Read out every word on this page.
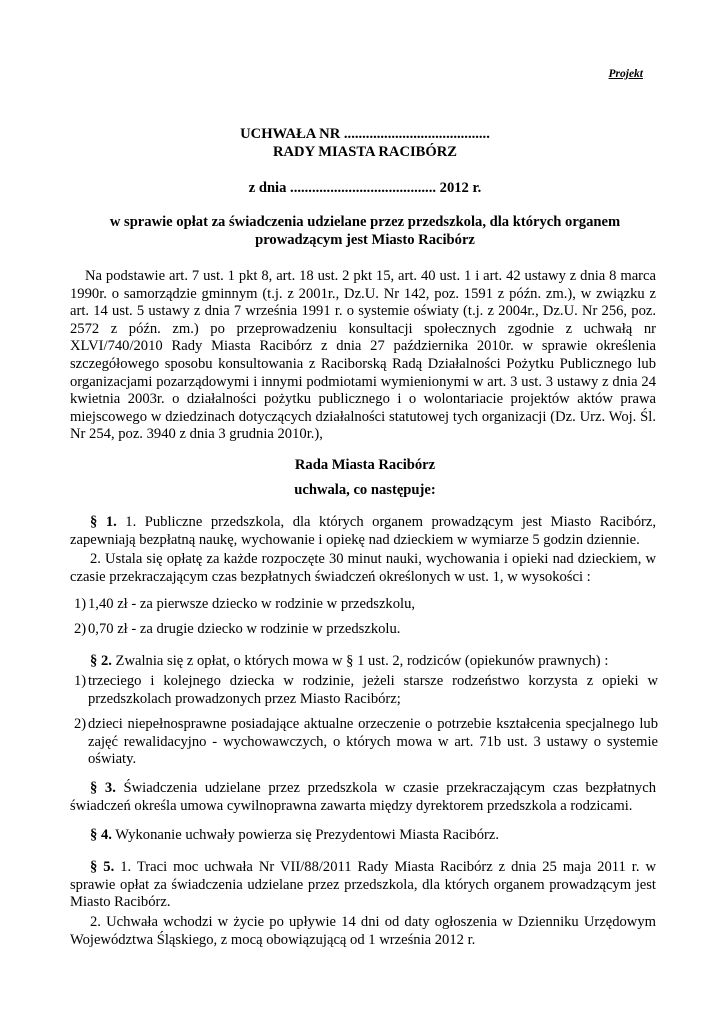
Projekt
UCHWAŁA NR ........................................
RADY MIASTA RACIBÓRZ
z dnia ........................................ 2012 r.
w sprawie opłat za świadczenia udzielane przez przedszkola, dla których organem prowadzącym jest Miasto Racibórz
Na podstawie art. 7 ust. 1 pkt 8, art. 18 ust. 2 pkt 15, art. 40 ust. 1 i art. 42 ustawy z dnia 8 marca 1990r. o samorządzie gminnym (t.j. z 2001r., Dz.U. Nr 142, poz. 1591 z późn. zm.), w związku z art. 14 ust. 5 ustawy z dnia 7 września 1991 r. o systemie oświaty (t.j. z 2004r., Dz.U. Nr 256, poz. 2572 z późn. zm.) po przeprowadzeniu konsultacji społecznych zgodnie z uchwałą nr XLVI/740/2010 Rady Miasta Racibórz z dnia 27 października 2010r. w sprawie określenia szczegółowego sposobu konsultowania z Raciborską Radą Działalności Pożytku Publicznego lub organizacjami pozarządowymi i innymi podmiotami wymienionymi w art. 3 ust. 3 ustawy z dnia 24 kwietnia 2003r. o działalności pożytku publicznego i o wolontariacie projektów aktów prawa miejscowego w dziedzinach dotyczących działalności statutowej tych organizacji (Dz. Urz. Woj. Śl. Nr 254, poz. 3940 z dnia 3 grudnia 2010r.),
Rada Miasta Racibórz
uchwala, co następuje:
§ 1. 1. Publiczne przedszkola, dla których organem prowadzącym jest Miasto Racibórz, zapewniają bezpłatną naukę, wychowanie i opiekę nad dzieckiem w wymiarze 5 godzin dziennie.
2. Ustala się opłatę za każde rozpoczęte 30 minut nauki, wychowania i opieki nad dzieckiem, w czasie przekraczającym czas bezpłatnych świadczeń określonych w ust. 1, w wysokości :
1) 1,40 zł - za pierwsze dziecko w rodzinie w przedszkolu,
2) 0,70 zł - za drugie dziecko w rodzinie w przedszkolu.
§ 2. Zwalnia się z opłat, o których mowa w § 1 ust. 2, rodziców (opiekunów prawnych) :
1) trzeciego i kolejnego dziecka w rodzinie, jeżeli starsze rodzeństwo korzysta z opieki w przedszkolach prowadzonych przez Miasto Racibórz;
2) dzieci niepełnosprawne posiadające aktualne orzeczenie o potrzebie kształcenia specjalnego lub zajęć rewalidacyjno - wychowawczych, o których mowa w art. 71b ust. 3 ustawy o systemie oświaty.
§ 3. Świadczenia udzielane przez przedszkola w czasie przekraczającym czas bezpłatnych świadczeń określa umowa cywilnoprawna zawarta między dyrektorem przedszkola a rodzicami.
§ 4. Wykonanie uchwały powierza się Prezydentowi Miasta Racibórz.
§ 5. 1. Traci moc uchwała Nr VII/88/2011 Rady Miasta Racibórz z dnia 25 maja 2011 r. w sprawie opłat za świadczenia udzielane przez przedszkola, dla których organem prowadzącym jest Miasto Racibórz.
2. Uchwała wchodzi w życie po upływie 14 dni od daty ogłoszenia w Dzienniku Urzędowym Województwa Śląskiego, z mocą obowiązującą od 1 września 2012 r.
